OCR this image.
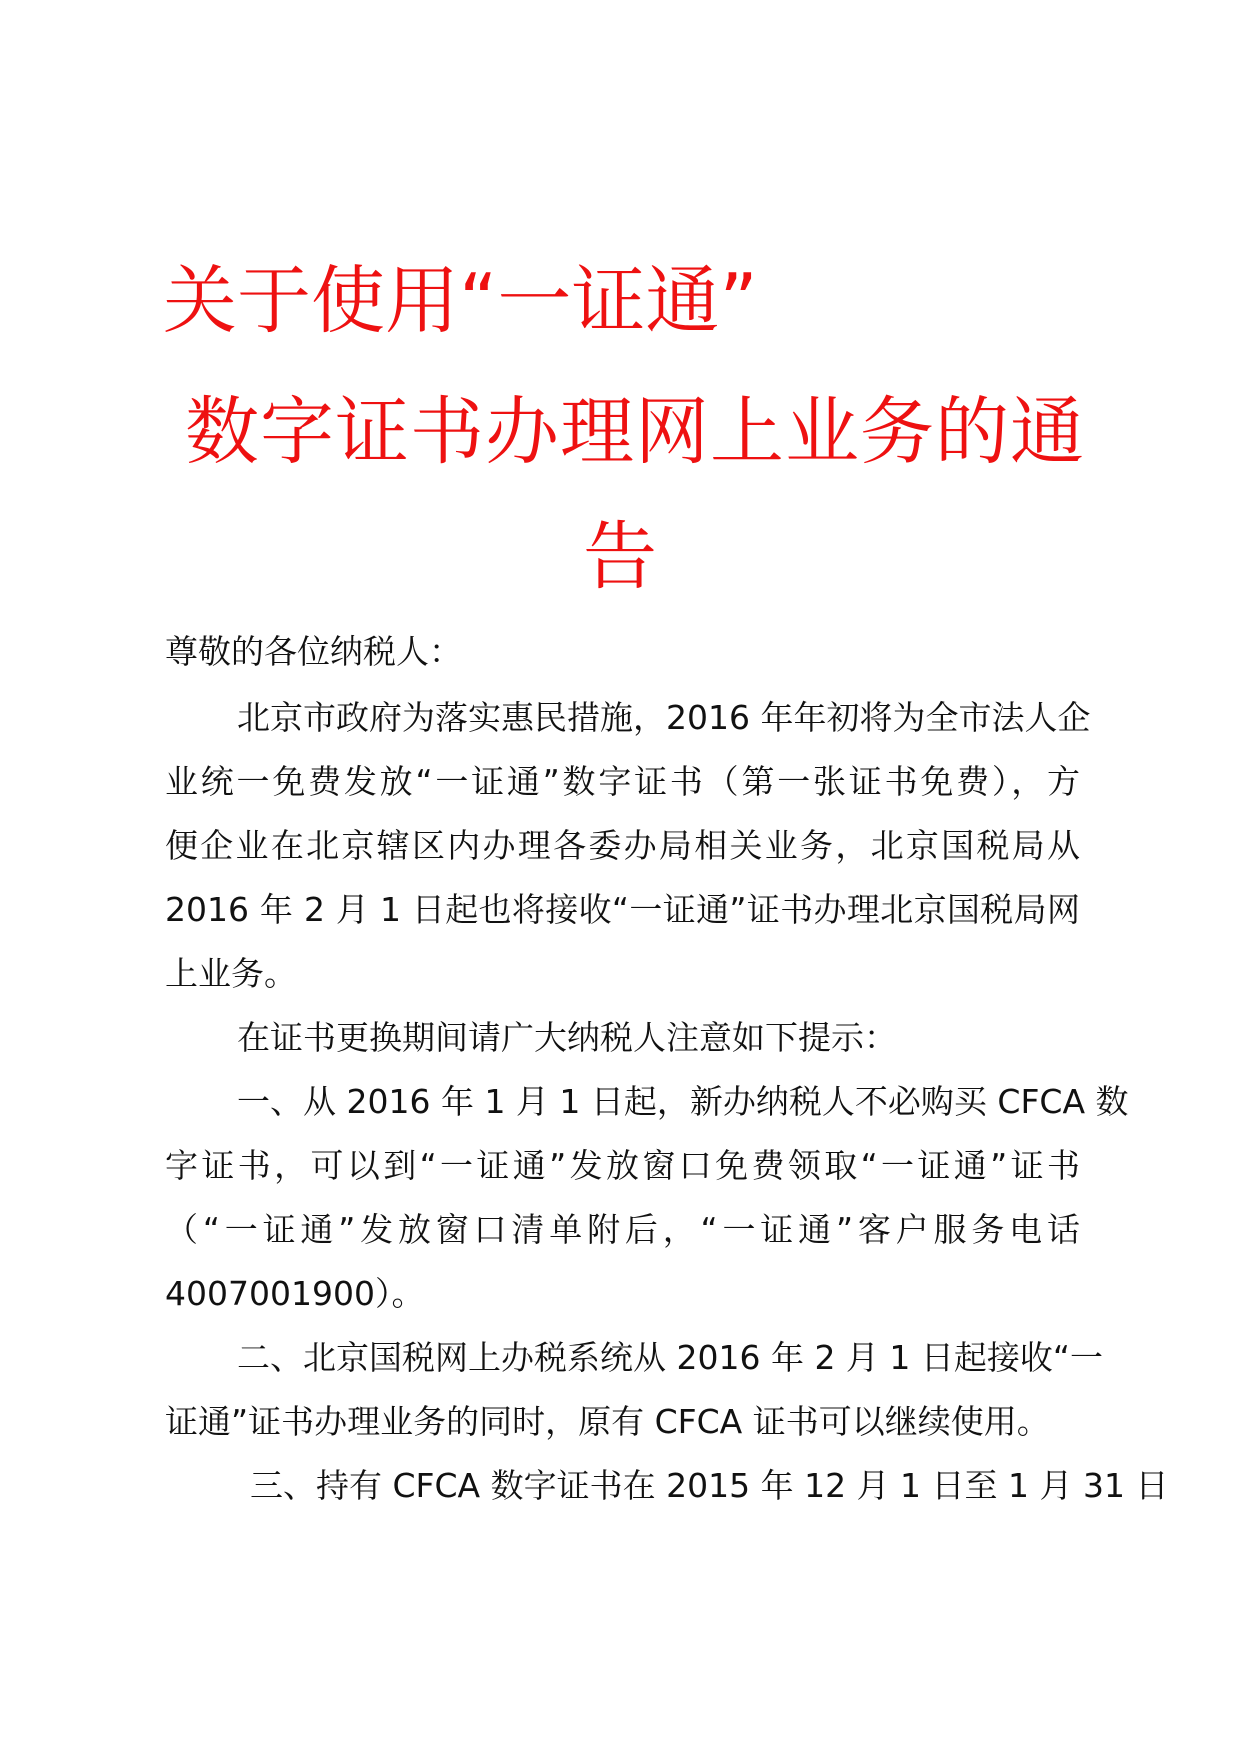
关于使用“一证通”
数字证书办理网上业务的通
告
尊敬的各位纳税人：
北京市政府为落实惠民措施，2016 年年初将为全市法人企
业统一免费发放“一证通”数字证书（第一张证书免费），方
便企业在北京辖区内办理各委办局相关业务，北京国税局从
2016 年 2 月 1 日起也将接收“一证通”证书办理北京国税局网
上业务。
在证书更换期间请广大纳税人注意如下提示：
一、从 2016 年 1 月 1 日起，新办纳税人不必购买 CFCA 数
字证书，可以到“一证通”发放窗口免费领取“一证通”证书
（“一证通”发放窗口清单附后，“一证通”客户服务电话
4007001900）。
二、北京国税网上办税系统从 2016 年 2 月 1 日起接收“一
证通”证书办理业务的同时，原有 CFCA 证书可以继续使用。
三、持有 CFCA 数字证书在 2015 年 12 月 1 日至 1 月 31 日
